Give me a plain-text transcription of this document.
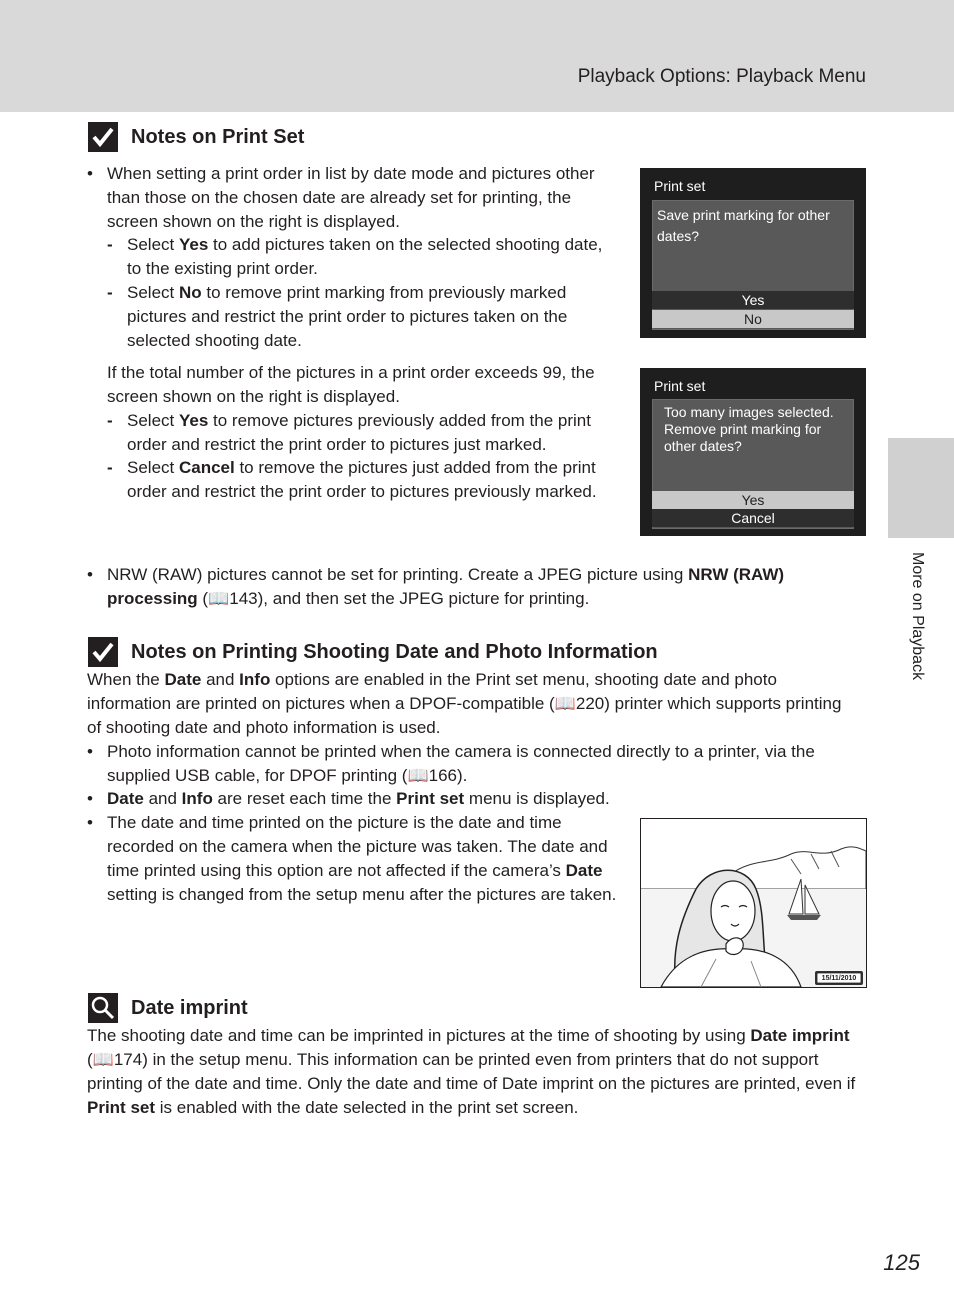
Playback Options: Playback Menu
More on Playback
Notes on Print Set
• When setting a print order in list by date mode and pictures other than those on the chosen date are already set for printing, the screen shown on the right is displayed.
- Select Yes to add pictures taken on the selected shooting date, to the existing print order.
- Select No to remove print marking from previously marked pictures and restrict the print order to pictures taken on the selected shooting date.
If the total number of the pictures in a print order exceeds 99, the screen shown on the right is displayed.
- Select Yes to remove pictures previously added from the print order and restrict the print order to pictures just marked.
- Select Cancel to remove the pictures just added from the print order and restrict the print order to pictures previously marked.
Print set
Save print marking for other dates?
Yes
No
Print set
Too many images selected. Remove print marking for other dates?
Yes
Cancel
• NRW (RAW) pictures cannot be set for printing. Create a JPEG picture using NRW (RAW) processing (📖143), and then set the JPEG picture for printing.
Notes on Printing Shooting Date and Photo Information
When the Date and Info options are enabled in the Print set menu, shooting date and photo information are printed on pictures when a DPOF-compatible (📖220) printer which supports printing of shooting date and photo information is used.
• Photo information cannot be printed when the camera is connected directly to a printer, via the supplied USB cable, for DPOF printing (📖166).
• Date and Info are reset each time the Print set menu is displayed.
• The date and time printed on the picture is the date and time recorded on the camera when the picture was taken. The date and time printed using this option are not affected if the camera’s Date setting is changed from the setup menu after the pictures are taken.
15/11/2010
Date imprint
The shooting date and time can be imprinted in pictures at the time of shooting by using Date imprint (📖174) in the setup menu. This information can be printed even from printers that do not support printing of the date and time. Only the date and time of Date imprint on the pictures are printed, even if Print set is enabled with the date selected in the print set screen.
125
